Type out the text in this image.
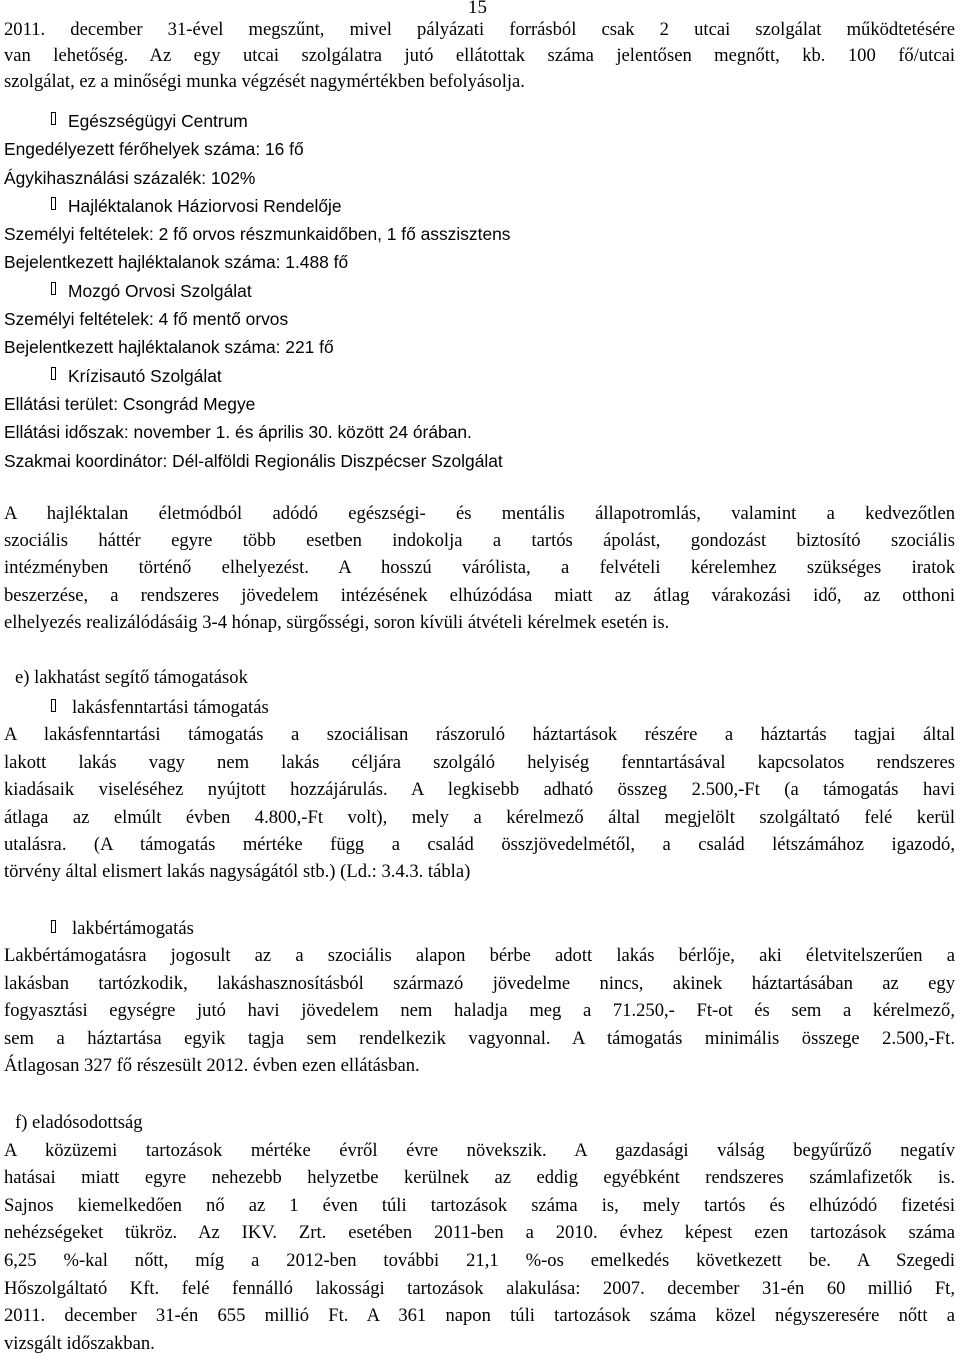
15
2011. december 31-ével megszűnt, mivel pályázati forrásból csak 2 utcai szolgálat működtetésére
van lehetőség. Az egy utcai szolgálatra jutó ellátottak száma jelentősen megnőtt, kb. 100 fő/utcai
szolgálat, ez a minőségi munka végzését nagymértékben befolyásolja.
Egészségügyi Centrum
Engedélyezett férőhelyek száma: 16 fő
Ágykihasználási százalék: 102%
Hajléktalanok Háziorvosi Rendelője
Személyi feltételek: 2 fő orvos részmunkaidőben, 1 fő asszisztens
Bejelentkezett hajléktalanok száma: 1.488 fő
Mozgó Orvosi Szolgálat
Személyi feltételek: 4 fő mentő orvos
Bejelentkezett hajléktalanok száma: 221 fő
Krízisautó Szolgálat
Ellátási terület: Csongrád Megye
Ellátási időszak: november 1. és április 30. között 24 órában.
Szakmai koordinátor: Dél-alföldi Regionális Diszpécser Szolgálat
A hajléktalan életmódból adódó egészségi- és mentális állapotromlás, valamint a kedvezőtlen
szociális háttér egyre több esetben indokolja a tartós ápolást, gondozást biztosító szociális
intézményben történő elhelyezést. A hosszú várólista, a felvételi kérelemhez szükséges iratok
beszerzése, a rendszeres jövedelem intézésének elhúzódása miatt az átlag várakozási idő, az otthoni
elhelyezés realizálódásáig 3-4 hónap, sürgősségi, soron kívüli átvételi kérelmek esetén is.
e) lakhatást segítő támogatások
lakásfenntartási támogatás
A lakásfenntartási támogatás a szociálisan rászoruló háztartások részére a háztartás tagjai által
lakott lakás vagy nem lakás céljára szolgáló helyiség fenntartásával kapcsolatos rendszeres
kiadásaik viseléséhez nyújtott hozzájárulás. A legkisebb adható összeg 2.500,-Ft (a támogatás havi
átlaga az elmúlt évben 4.800,-Ft volt), mely a kérelmező által megjelölt szolgáltató felé kerül
utalásra. (A támogatás mértéke függ a család összjövedelmétől, a család létszámához igazodó,
törvény által elismert lakás nagyságától stb.) (Ld.: 3.4.3. tábla)
lakbértámogatás
Lakbértámogatásra jogosult az a szociális alapon bérbe adott lakás bérlője, aki életvitelszerűen a
lakásban tartózkodik, lakáshasznosításból származó jövedelme nincs, akinek háztartásában az egy
fogyasztási egységre jutó havi jövedelem nem haladja meg a 71.250,- Ft-ot és sem a kérelmező,
sem a háztartása egyik tagja sem rendelkezik vagyonnal. A támogatás minimális összege 2.500,-Ft.
Átlagosan 327 fő részesült 2012. évben ezen ellátásban.
f) eladósodottság
A közüzemi tartozások mértéke évről évre növekszik. A gazdasági válság begyűrűző negatív
hatásai miatt egyre nehezebb helyzetbe kerülnek az eddig egyébként rendszeres számlafizetők is.
Sajnos kiemelkedően nő az 1 éven túli tartozások száma is, mely tartós és elhúzódó fizetési
nehézségeket tükröz. Az IKV. Zrt. esetében 2011-ben a 2010. évhez képest ezen tartozások száma
6,25 %-kal nőtt, míg a 2012-ben további 21,1 %-os emelkedés következett be. A Szegedi
Hőszolgáltató Kft. felé fennálló lakossági tartozások alakulása: 2007. december 31-én 60 millió Ft,
2011. december 31-én 655 millió Ft. A 361 napon túli tartozások száma közel négyszeresére nőtt a
vizsgált időszakban.
